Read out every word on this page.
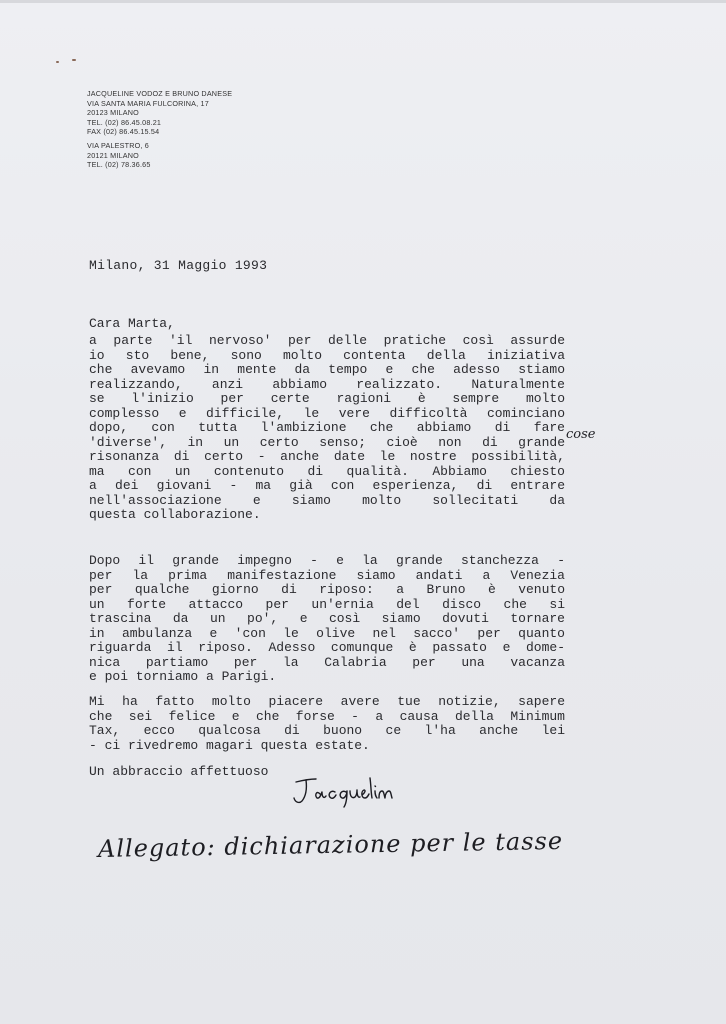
JACQUELINE VODOZ E BRUNO DANESE
VIA SANTA MARIA FULCORINA, 17
20123 MILANO
TEL. (02) 86.45.08.21
FAX (02) 86.45.15.54
VIA PALESTRO, 6
20121 MILANO
TEL. (02) 78.36.65
Milano, 31 Maggio 1993
Cara Marta,
a parte 'il nervoso' per delle pratiche così assurde
io sto bene, sono molto contenta della iniziativa
che avevamo in mente da tempo e che adesso stiamo
realizzando, anzi abbiamo realizzato. Naturalmente
se l'inizio per certe ragioni è sempre molto
complesso e difficile, le vere difficoltà cominciano
dopo, con tutta l'ambizione che abbiamo di fare
'diverse', in un certo senso; cioè non di grande
risonanza di certo - anche date le nostre possibilità,
ma con un contenuto di qualità. Abbiamo chiesto
a dei giovani - ma già con esperienza, di entrare
nell'associazione e siamo molto sollecitati da
questa collaborazione.
cose
Dopo il grande impegno - e la grande stanchezza -
per la prima manifestazione siamo andati a Venezia
per qualche giorno di riposo: a Bruno è venuto
un forte attacco per un'ernia del disco che si
trascina da un po', e così siamo dovuti tornare
in ambulanza e 'con le olive nel sacco' per quanto
riguarda il riposo. Adesso comunque è passato e dome-
nica partiamo per la Calabria per una vacanza
e poi torniamo a Parigi.
Mi ha fatto molto piacere avere tue notizie, sapere
che sei felice e che forse - a causa della Minimum
Tax, ecco qualcosa di buono ce l'ha anche lei
- ci rivedremo magari questa estate.
Un abbraccio affettuoso
Allegato: dichiarazione per le tasse
